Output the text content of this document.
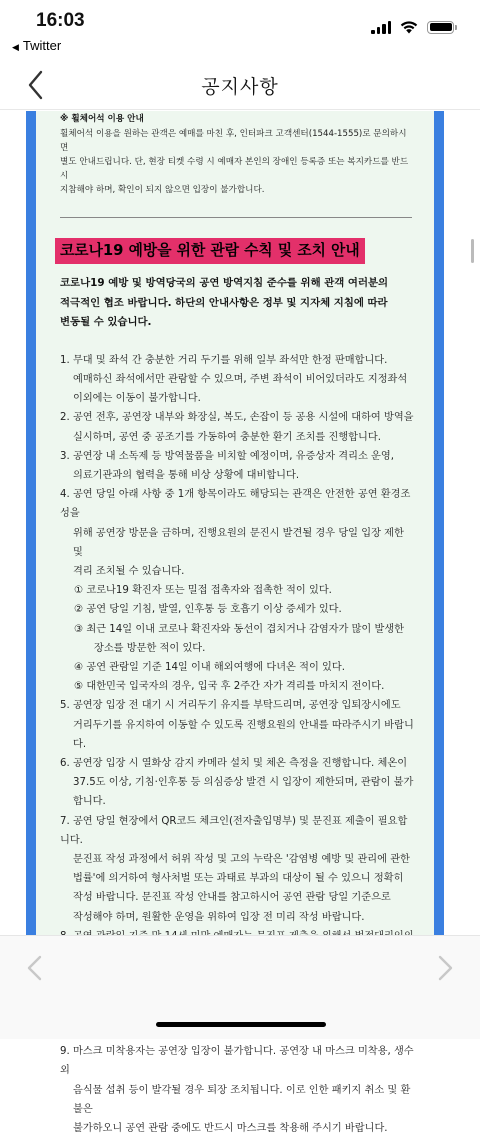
16:03
◀ Twitter
공지사항
※ 휠체어석 이용 안내
휠체어석 이용을 원하는 관객은 예매를 마친 후, 인터파크 고객센터(1544-1555)로 문의하시면
별도 안내드립니다. 단, 현장 티켓 수령 시 예매자 본인의 장애인 등록증 또는 복지카드를 반드시
지참해야 하며, 확인이 되지 않으면 입장이 불가합니다.
코로나19 예방을 위한 관람 수칙 및 조치 안내
코로나19 예방 및 방역당국의 공연 방역지침 준수를 위해 관객 여러분의
적극적인 협조 바랍니다. 하단의 안내사항은 정부 및 지자체 지침에 따라
변동될 수 있습니다.
1. 무대 및 좌석 간 충분한 거리 두기를 위해 일부 좌석만 한정 판매합니다.
예매하신 좌석에서만 관람할 수 있으며, 주변 좌석이 비어있더라도 지정좌석
이외에는 이동이 불가합니다.
2. 공연 전후, 공연장 내부와 화장실, 복도, 손잡이 등 공용 시설에 대하여 방역을
실시하며, 공연 중 공조기를 가동하여 충분한 환기 조치를 진행합니다.
3. 공연장 내 소독제 등 방역물품을 비치할 예정이며, 유증상자 격리소 운영,
의료기관과의 협력을 통해 비상 상황에 대비합니다.
4. 공연 당일 아래 사항 중 1개 항목이라도 해당되는 관객은 안전한 공연 환경조성을
위해 공연장 방문을 금하며, 진행요원의 문진시 발견될 경우 당일 입장 제한 및
격리 조치될 수 있습니다.
① 코로나19 확진자 또는 밀접 접촉자와 접촉한 적이 있다.
② 공연 당일 기침, 발열, 인후통 등 호흡기 이상 증세가 있다.
③ 최근 14일 이내 코로나 확진자와 동선이 겹치거나 감염자가 많이 발생한
장소를 방문한 적이 있다.
④ 공연 관람일 기준 14일 이내 해외여행에 다녀온 적이 있다.
⑤ 대한민국 입국자의 경우, 입국 후 2주간 자가 격리를 마치지 전이다.
5. 공연장 입장 전 대기 시 거리두기 유지를 부탁드리며, 공연장 입퇴장시에도
거리두기를 유지하여 이동할 수 있도록 진행요원의 안내를 따라주시기 바랍니다.
6. 공연장 입장 시 열화상 감지 카메라 설치 및 체온 측정을 진행합니다. 체온이
37.5도 이상, 기침·인후통 등 의심증상 발견 시 입장이 제한되며, 관람이 불가합니다.
7. 공연 당일 현장에서 QR코드 체크인(전자출입명부) 및 문진표 제출이 필요합니다.
문진표 작성 과정에서 허위 작성 및 고의 누락은 '감염병 예방 및 관리에 관한
법률'에 의거하여 형사처벌 또는 과태료 부과의 대상이 될 수 있으니 정확히
작성 바랍니다. 문진표 작성 안내를 참고하시어 공연 관람 당일 기준으로
작성해야 하며, 원활한 운영을 위하여 입장 전 미리 작성 바랍니다.
9. 마스크 미착용자는 공연장 입장이 불가합니다. 공연장 내 마스크 미착용, 생수 외
음식물 섭취 등이 발각될 경우 퇴장 조치됩니다. 이로 인한 패키지 취소 및 환불은
불가하오니 공연 관람 중에도 반드시 마스크를 착용해 주시기 바랍니다.
